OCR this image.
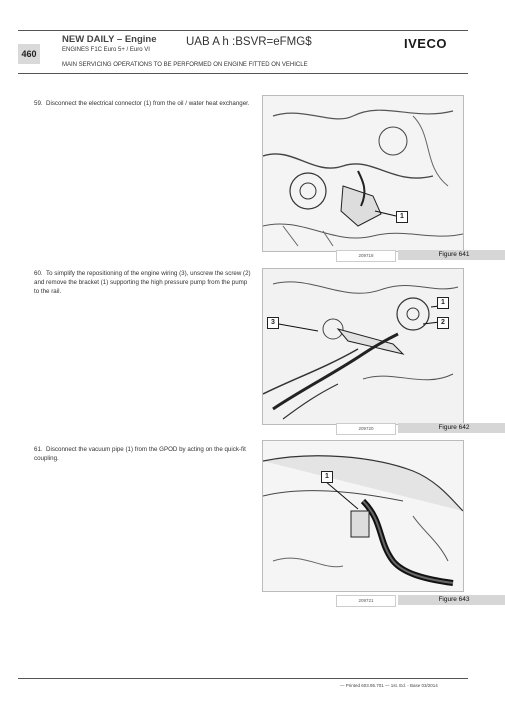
460
NEW DAILY – Engine
ENGINES F1C Euro 5+ / Euro VI
MAIN SERVICING OPERATIONS TO BE PERFORMED ON ENGINE FITTED ON VEHICLE
UAB A h :BSVR=eFMG$	IVECO
59. Disconnect the electrical connector (1) from the oil / water heat exchanger.
1
209718	Figure 641
60. To simplify the repositioning of the engine wiring (3), unscrew the screw (2) and remove the bracket (1) supporting the high pressure pump from the pump to the rail.
1
2
3
209720	Figure 642
61. Disconnect the vacuum pipe (1) from the GPOD by acting on the quick-fit coupling.
1
209721	Figure 643
— Printed 603.95.701 — 1st. Ed. - Base 03/2014
